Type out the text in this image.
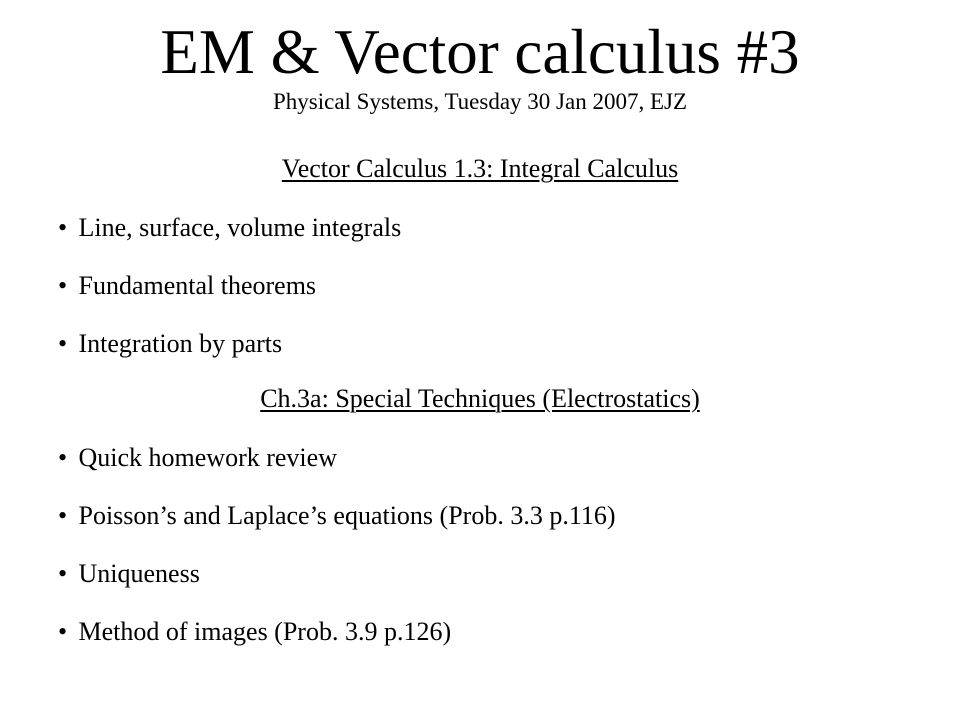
EM & Vector calculus #3
Physical Systems, Tuesday 30 Jan 2007, EJZ
Vector Calculus 1.3: Integral Calculus
• Line, surface, volume integrals
• Fundamental theorems
• Integration by parts
Ch.3a: Special Techniques (Electrostatics)
• Quick homework review
• Poisson’s and Laplace’s equations (Prob. 3.3 p.116)
• Uniqueness
• Method of images (Prob. 3.9 p.126)
